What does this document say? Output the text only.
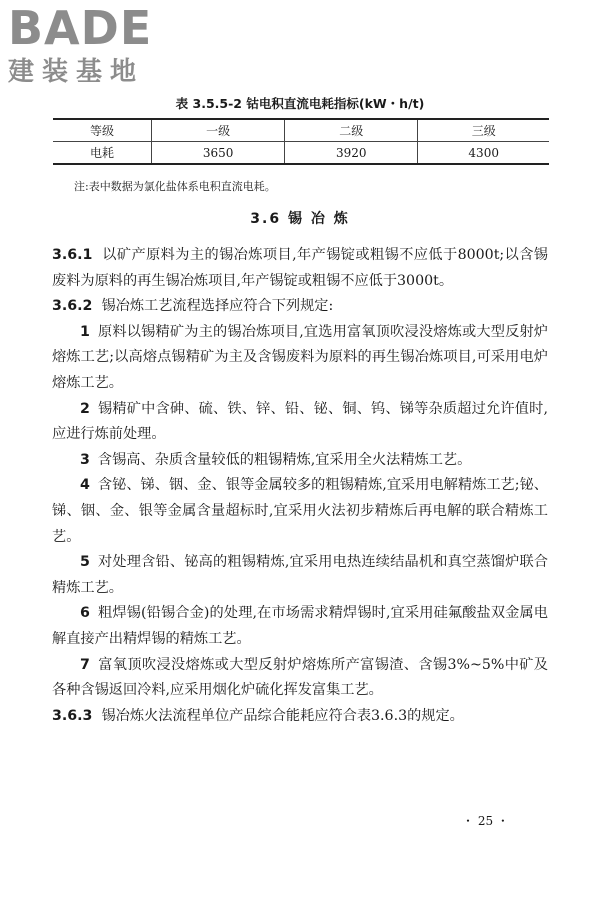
BADE
建装基地
表 3.5.5-2 钴电积直流电耗指标(kW・h/t)
等级	一级	二级	三级
电耗	3650	3920	4300
注:表中数据为氯化盐体系电积直流电耗。
3.6 锡 冶 炼

3.6.1 以矿产原料为主的锡冶炼项目,年产锡锭或粗锡不应低于8000t;以含锡废料为原料的再生锡冶炼项目,年产锡锭或粗锡不应低于3000t。

3.6.2 锡冶炼工艺流程选择应符合下列规定:

1 原料以锡精矿为主的锡冶炼项目,宜选用富氧顶吹浸没熔炼或大型反射炉熔炼工艺;以高熔点锡精矿为主及含锡废料为原料的再生锡冶炼项目,可采用电炉熔炼工艺。

2 锡精矿中含砷、硫、铁、锌、铅、铋、铜、钨、锑等杂质超过允许值时,应进行炼前处理。

3 含锡高、杂质含量较低的粗锡精炼,宜采用全火法精炼工艺。

4 含铋、锑、铟、金、银等金属较多的粗锡精炼,宜采用电解精炼工艺;铋、锑、铟、金、银等金属含量超标时,宜采用火法初步精炼后再电解的联合精炼工艺。

5 对处理含铅、铋高的粗锡精炼,宜采用电热连续结晶机和真空蒸馏炉联合精炼工艺。

6 粗焊锡(铅锡合金)的处理,在市场需求精焊锡时,宜采用硅氟酸盐双金属电解直接产出精焊锡的精炼工艺。

7 富氧顶吹浸没熔炼或大型反射炉熔炼所产富锡渣、含锡3%~5%中矿及各种含锡返回冷料,应采用烟化炉硫化挥发富集工艺。

3.6.3 锡冶炼火法流程单位产品综合能耗应符合表3.6.3的规定。

・ 25 ・
